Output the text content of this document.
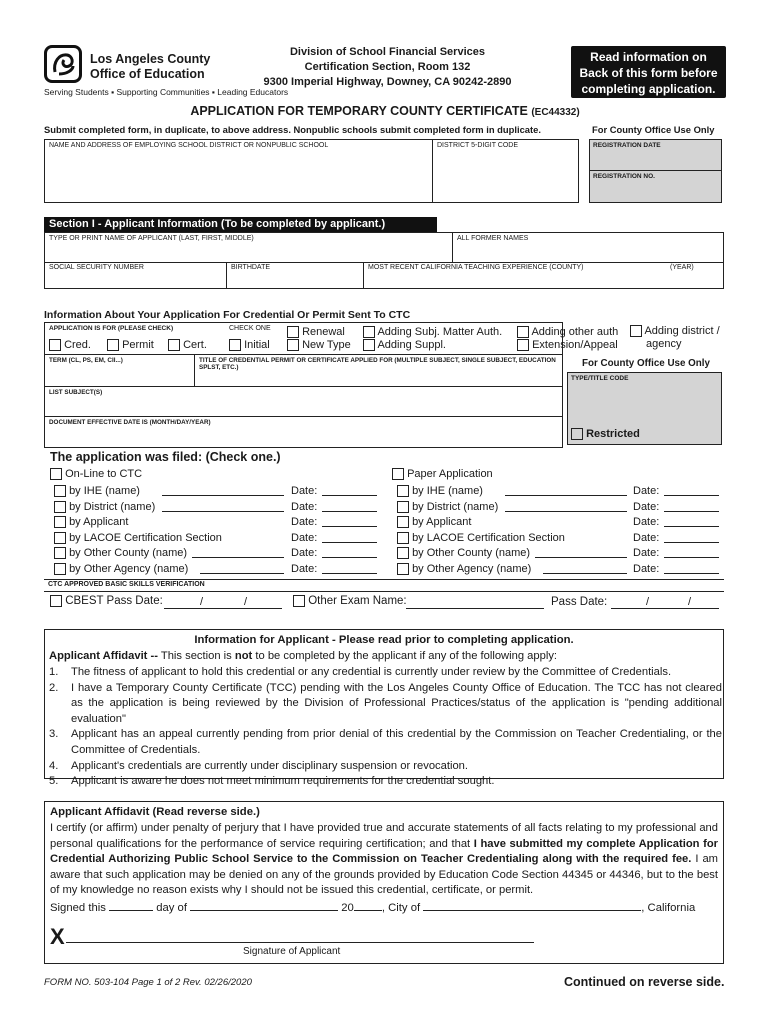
Los Angeles County
Office of Education
Serving Students ▪ Supporting Communities ▪ Leading Educators
Division of School Financial Services
Certification Section, Room 132
9300 Imperial Highway, Downey, CA 90242-2890
Read information on Back of this form before completing application.
APPLICATION FOR TEMPORARY COUNTY CERTIFICATE (EC44332)
Submit completed form, in duplicate, to above address. Nonpublic schools submit completed form in duplicate.	For County Office Use Only
NAME AND ADDRESS OF EMPLOYING SCHOOL DISTRICT OR NONPUBLIC SCHOOL	DISTRICT 5-DIGIT CODE	REGISTRATION DATE
REGISTRATION NO.
Section I - Applicant Information (To be completed by applicant.)
TYPE OR PRINT NAME OF APPLICANT (LAST, FIRST, MIDDLE)	ALL FORMER NAMES
SOCIAL SECURITY NUMBER	BIRTHDATE	MOST RECENT CALIFORNIA TEACHING EXPERIENCE (COUNTY)	(YEAR)
Information About Your Application For Credential Or Permit Sent To CTC
APPLICATION IS FOR (PLEASE CHECK)	CHECK ONE
Cred.	Permit	Cert.
Renewal
New Type
Initial
Adding Subj. Matter Auth.
Adding Suppl.
Adding other auth
Extension/Appeal
TERM (CL, PS, EM, CII...)	TITLE OF CREDENTIAL PERMIT OR CERTIFICATE APPLIED FOR (MULTIPLE SUBJECT, SINGLE SUBJECT, EDUCATION SPLST, ETC.)
LIST SUBJECT(S)
DOCUMENT EFFECTIVE DATE IS (MONTH/DAY/YEAR)
Adding district /
agency
For County Office Use Only
TYPE/TITLE CODE
Restricted
The application was filed: (Check one.)
On-Line to CTC	Paper Application
by IHE (name)	Date:
by District (name)	Date:
by Applicant	Date:
by LACOE Certification Section	Date:
by Other County (name)	Date:
by Other Agency (name)	Date:
by IHE (name)	Date:
by District (name)	Date:
by Applicant	Date:
by LACOE Certification Section	Date:
by Other County (name)	Date:
by Other Agency (name)	Date:
CTC APPROVED BASIC SKILLS VERIFICATION
CBEST Pass Date:	/	/	Other Exam Name:	Pass Date:	/	/
Information for Applicant - Please read prior to completing application.
Applicant Affidavit -- This section is not to be completed by the applicant if any of the following apply:
1.	The fitness of applicant to hold this credential or any credential is currently under review by the Committee of Credentials.
2.	I have a Temporary County Certificate (TCC) pending with the Los Angeles County Office of Education. The TCC has not cleared as the application is being reviewed by the Division of Professional Practices/status of the application is "pending additional evaluation"
3.	Applicant has an appeal currently pending from prior denial of this credential by the Commission on Teacher Credentialing, or the Committee of Credentials.
4.	Applicant's credentials are currently under disciplinary suspension or revocation.
5.	Applicant is aware he does not meet minimum requirements for the credential sought.
Applicant Affidavit (Read reverse side.)
I certify (or affirm) under penalty of perjury that I have provided true and accurate statements of all facts relating to my professional and personal qualifications for the performance of service requiring certification; and that I have submitted my complete Application for Credential Authorizing Public School Service to the Commission on Teacher Credentialing along with the required fee. I am aware that such application may be denied on any of the grounds provided by Education Code Section 44345 or 44346, but to the best of my knowledge no reason exists why I should not be issued this credential, certificate, or permit.
Signed this	day of	20 , City of	, California
X
Signature of Applicant
FORM NO. 503-104 Page 1 of 2 Rev. 02/26/2020	Continued on reverse side.
